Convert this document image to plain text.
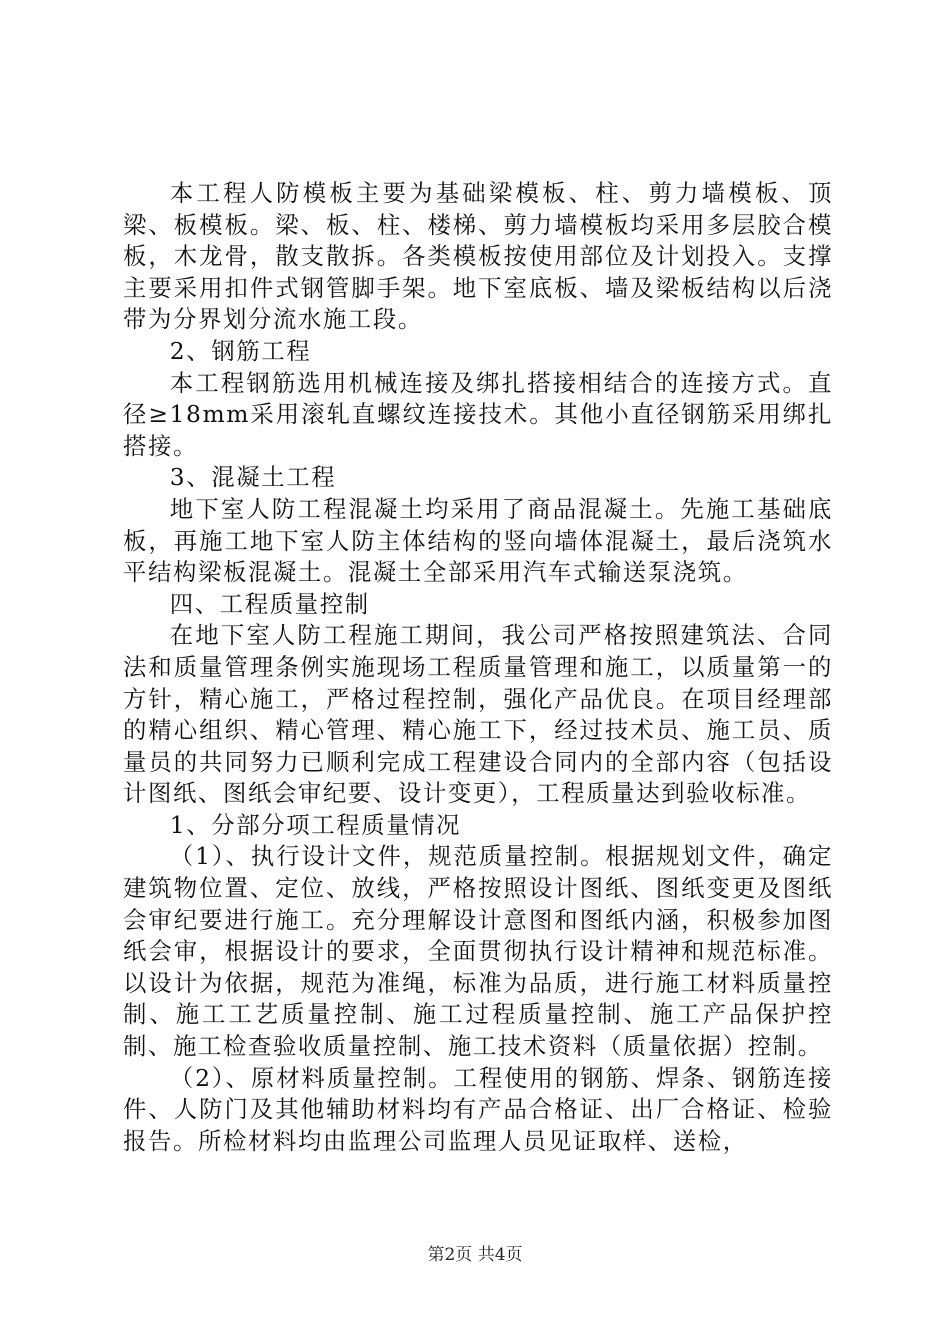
本工程人防模板主要为基础梁模板、柱、剪力墙模板、顶梁、板模板。梁、板、柱、楼梯、剪力墙模板均采用多层胶合模板，木龙骨，散支散拆。各类模板按使用部位及计划投入。支撑主要采用扣件式钢管脚手架。地下室底板、墙及梁板结构以后浇带为分界划分流水施工段。

2、钢筋工程

本工程钢筋选用机械连接及绑扎搭接相结合的连接方式。直径≥18mm采用滚轧直螺纹连接技术。其他小直径钢筋采用绑扎搭接。

3、混凝土工程

地下室人防工程混凝土均采用了商品混凝土。先施工基础底板，再施工地下室人防主体结构的竖向墙体混凝土，最后浇筑水平结构梁板混凝土。混凝土全部采用汽车式输送泵浇筑。

四、工程质量控制

在地下室人防工程施工期间，我公司严格按照建筑法、合同法和质量管理条例实施现场工程质量管理和施工，以质量第一的方针，精心施工，严格过程控制，强化产品优良。在项目经理部的精心组织、精心管理、精心施工下，经过技术员、施工员、质量员的共同努力已顺利完成工程建设合同内的全部内容（包括设计图纸、图纸会审纪要、设计变更），工程质量达到验收标准。

1、分部分项工程质量情况

（1）、执行设计文件，规范质量控制。根据规划文件，确定建筑物位置、定位、放线，严格按照设计图纸、图纸变更及图纸会审纪要进行施工。充分理解设计意图和图纸内涵，积极参加图纸会审，根据设计的要求，全面贯彻执行设计精神和规范标准。以设计为依据，规范为准绳，标准为品质，进行施工材料质量控制、施工工艺质量控制、施工过程质量控制、施工产品保护控制、施工检查验收质量控制、施工技术资料（质量依据）控制。

（2）、原材料质量控制。工程使用的钢筋、焊条、钢筋连接件、人防门及其他辅助材料均有产品合格证、出厂合格证、检验报告。所检材料均由监理公司监理人员见证取样、送检，

第2页 共4页
